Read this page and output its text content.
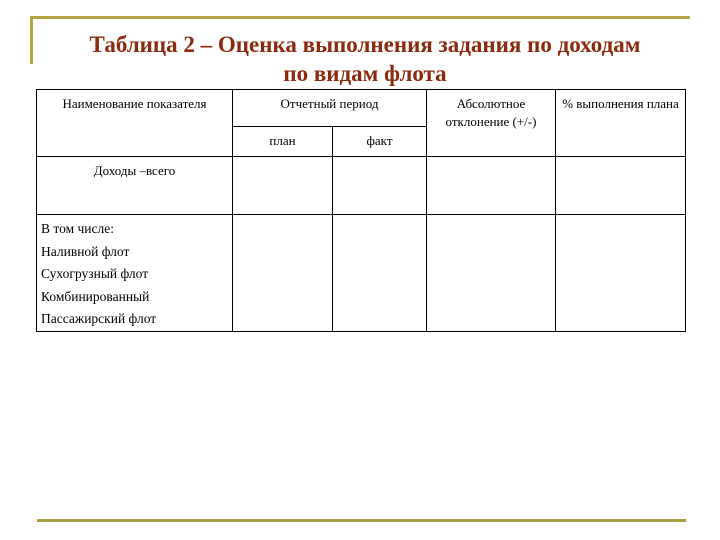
Таблица 2 – Оценка выполнения задания по доходам
по видам флота
Наименование показателя	Отчетный период		Абсолютное отклонение (+/-)	% выполнения плана

	план	факт		

Доходы –всего				

В том числе:
Наливной флот
Сухогрузный флот
Комбинированный
Пассажирский флот				
